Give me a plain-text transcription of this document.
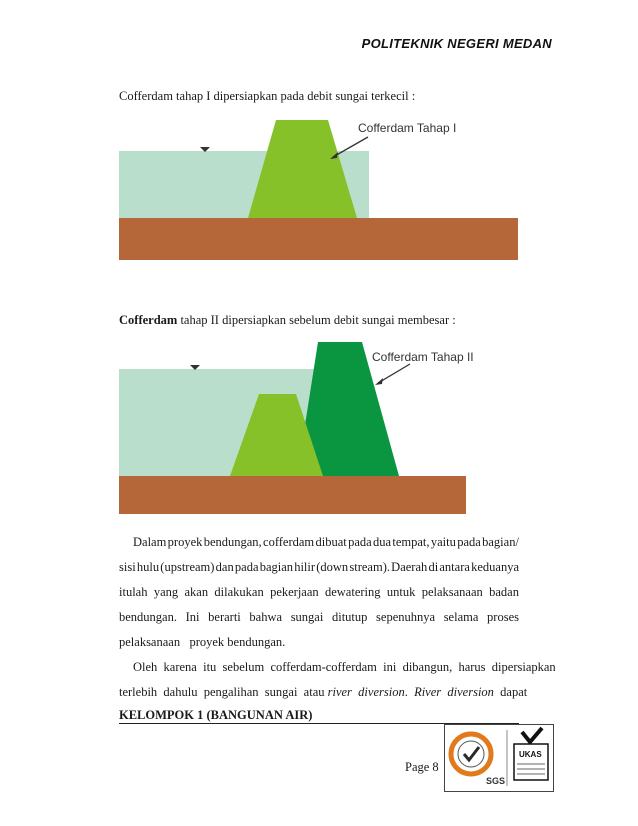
POLITEKNIK NEGERI MEDAN
Cofferdam tahap I dipersiapkan pada debit sungai terkecil :
Cofferdam Tahap I
Cofferdam tahap II dipersiapkan sebelum debit sungai membesar :
Cofferdam Tahap II
Dalam proyek bendungan, cofferdam dibuat pada dua tempat, yaitu pada bagian/
sisi hulu (upstream) dan pada bagian hilir (down stream). Daerah di antara keduanya
itulah yang akan dilakukan pekerjaan dewatering untuk pelaksanaan badan
bendungan. Ini berarti bahwa sungai ditutup sepenuhnya selama proses
pelaksanaan   proyek bendungan.
Oleh  karena  itu  sebelum  cofferdam-cofferdam  ini  dibangun,  harus  dipersiapkan
terlebih  dahulu  pengalihan  sungai  atau river  diversion . River  diversion dapat
KELOMPOK 1 (BANGUNAN AIR)
Page 8
SGS
UKAS
